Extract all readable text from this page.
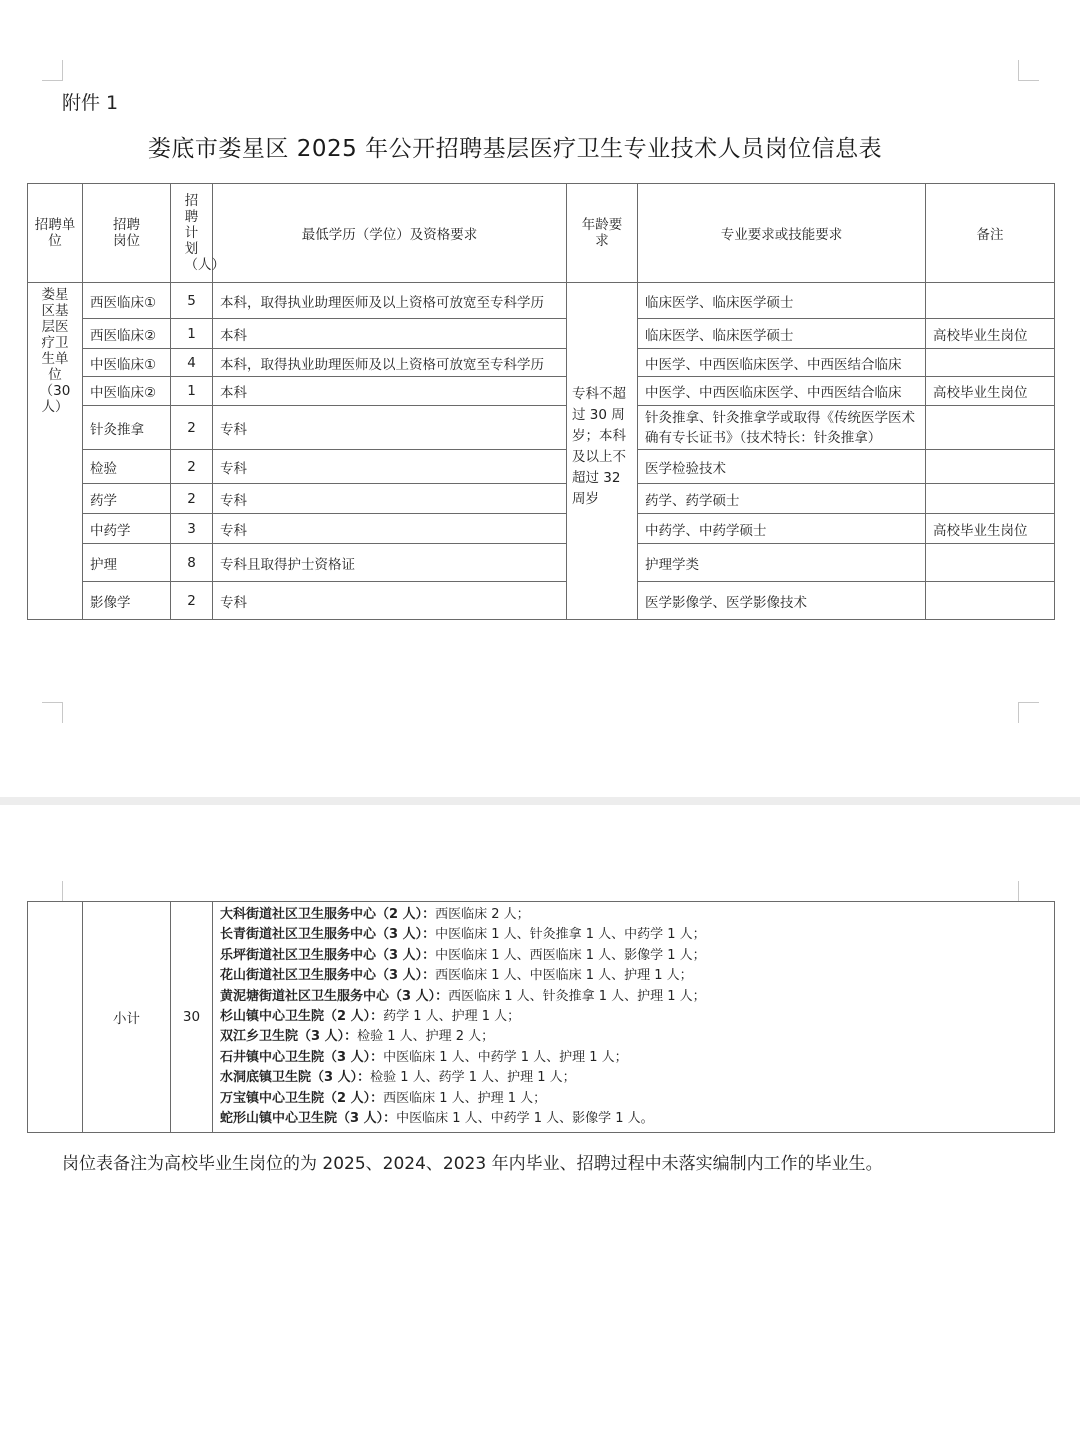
附件 1
娄底市娄星区 2025 年公开招聘基层医疗卫生专业技术人员岗位信息表
招聘单位	招聘岗位	招聘计划（人）	最低学历（学位）及资格要求	年龄要求	专业要求或技能要求	备注

娄星区基层医疗卫生单位（30人）	西医临床①	5	本科，取得执业助理医师及以上资格可放宽至专科学历	专科不超过 30 周岁；本科及以上不超过 32 周岁	临床医学、临床医学硕士	
	西医临床②	1	本科		临床医学、临床医学硕士	高校毕业生岗位
	中医临床①	4	本科，取得执业助理医师及以上资格可放宽至专科学历		中医学、中西医临床医学、中西医结合临床	
	中医临床②	1	本科		中医学、中西医临床医学、中西医结合临床	高校毕业生岗位
	针灸推拿	2	专科		针灸推拿、针灸推拿学或取得《传统医学医术确有专长证书》（技术特长：针灸推拿）	
	检验	2	专科		医学检验技术	
	药学	2	专科		药学、药学硕士	
	中药学	3	专科		中药学、中药学硕士	高校毕业生岗位
	护理	8	专科且取得护士资格证		护理学类	
	影像学	2	专科		医学影像学、医学影像技术	
	小计	30	
大科街道社区卫生服务中心（2 人）：西医临床 2 人；
长青街道社区卫生服务中心（3 人）：中医临床 1 人、针灸推拿 1 人、中药学 1 人；
乐坪街道社区卫生服务中心（3 人）：中医临床 1 人、西医临床 1 人、影像学 1 人；
花山街道社区卫生服务中心（3 人）：西医临床 1 人、中医临床 1 人、护理 1 人；
黄泥塘街道社区卫生服务中心（3 人）：西医临床 1 人、针灸推拿 1 人、护理 1 人；
杉山镇中心卫生院（2 人）：药学 1 人、护理 1 人；
双江乡卫生院（3 人）：检验 1 人、护理 2 人；
石井镇中心卫生院（3 人）：中医临床 1 人、中药学 1 人、护理 1 人；
水洞底镇卫生院（3 人）：检验 1 人、药学 1 人、护理 1 人；
万宝镇中心卫生院（2 人）：西医临床 1 人、护理 1 人；
蛇形山镇中心卫生院（3 人）：中医临床 1 人、中药学 1 人、影像学 1 人。
岗位表备注为高校毕业生岗位的为 2025、2024、2023 年内毕业、招聘过程中未落实编制内工作的毕业生。
